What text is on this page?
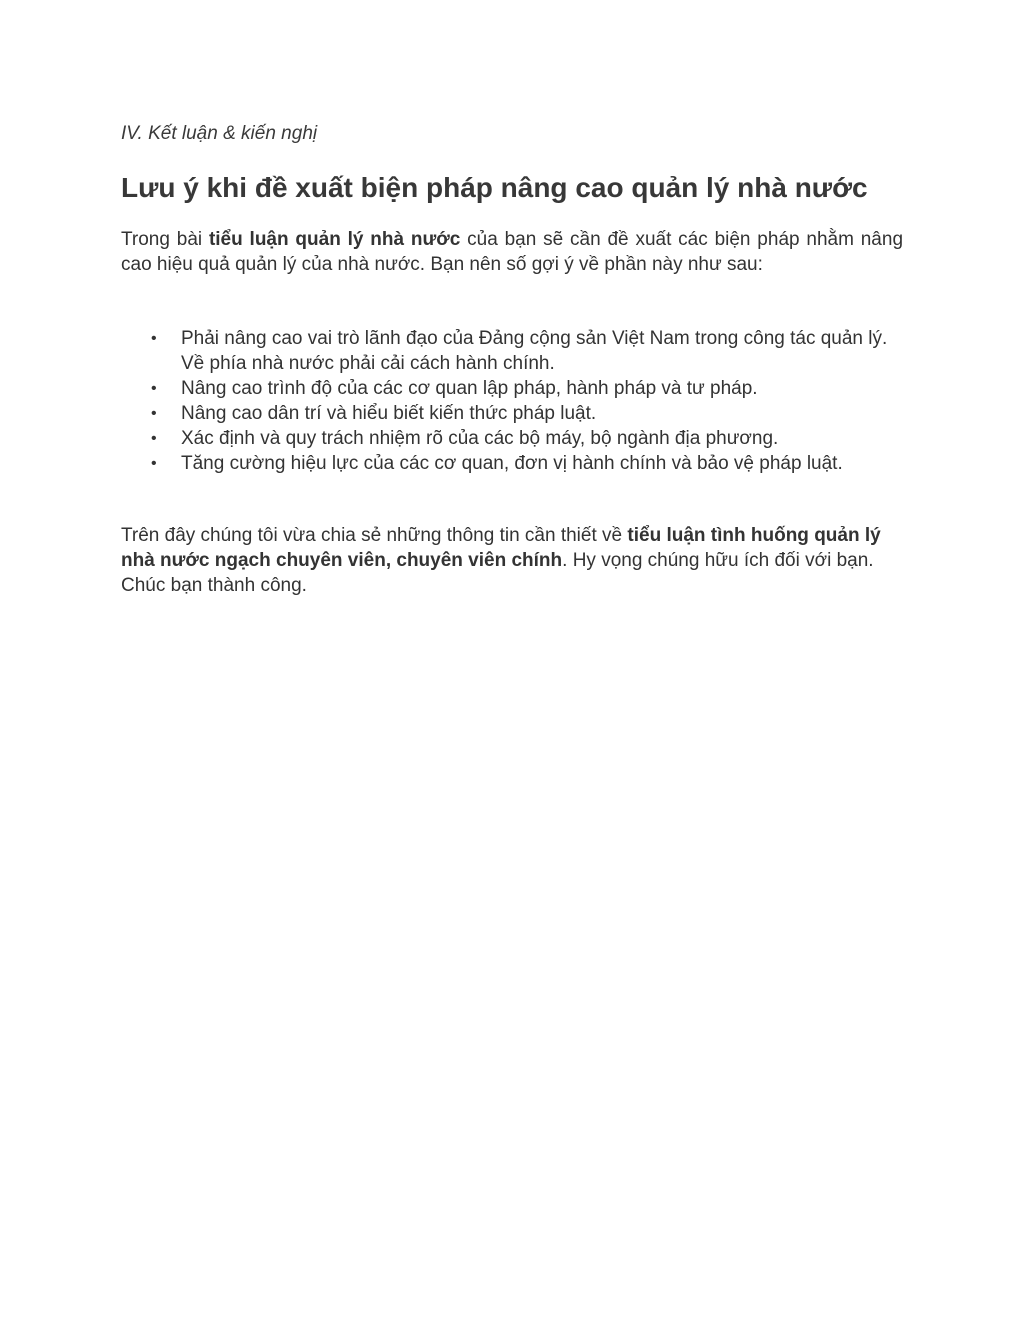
IV. Kết luận & kiến nghị
Lưu ý khi đề xuất biện pháp nâng cao quản lý nhà nước

Trong bài tiểu luận quản lý nhà nước của bạn sẽ cần đề xuất các biện pháp nhằm nâng cao hiệu quả quản lý của nhà nước. Bạn nên số gợi ý về phần này như sau:

• Phải nâng cao vai trò lãnh đạo của Đảng cộng sản Việt Nam trong công tác quản lý. Về phía nhà nước phải cải cách hành chính.
• Nâng cao trình độ của các cơ quan lập pháp, hành pháp và tư pháp.
• Nâng cao dân trí và hiểu biết kiến thức pháp luật.
• Xác định và quy trách nhiệm rõ của các bộ máy, bộ ngành địa phương.
• Tăng cường hiệu lực của các cơ quan, đơn vị hành chính và bảo vệ pháp luật.

Trên đây chúng tôi vừa chia sẻ những thông tin cần thiết về tiểu luận tình huống quản lý nhà nước ngạch chuyên viên, chuyên viên chính. Hy vọng chúng hữu ích đối với bạn. Chúc bạn thành công.
